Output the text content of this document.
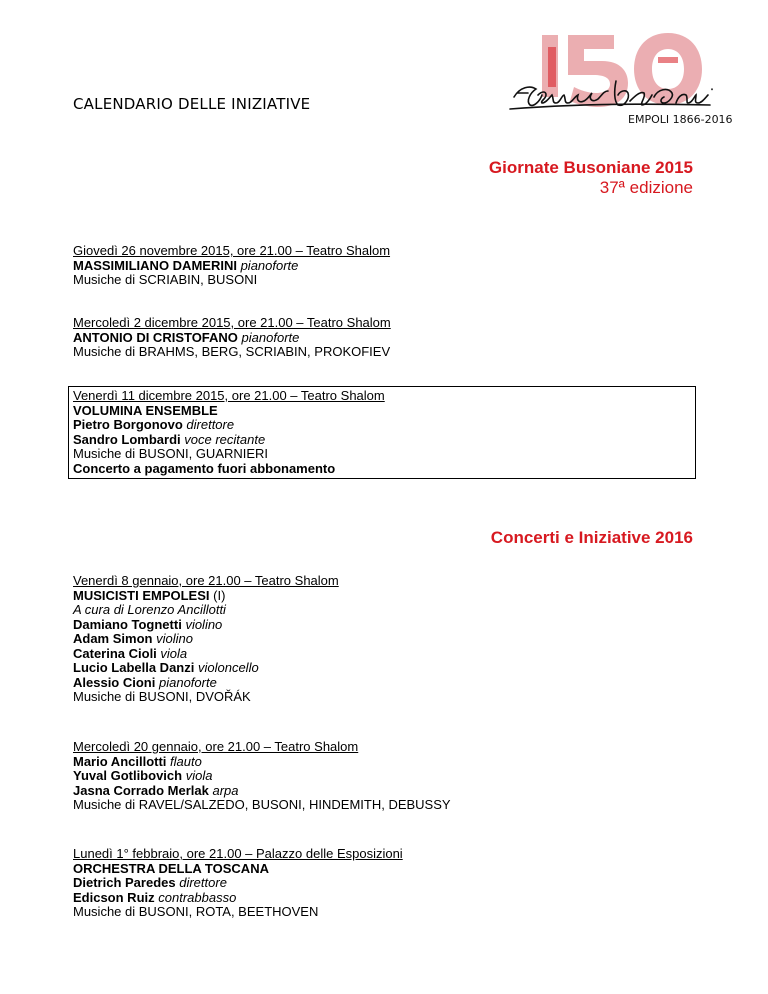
CALENDARIO DELLE INIZIATIVE
EMPOLI 1866-2016
Giornate Busoniane 2015
37ª edizione
Giovedì 26 novembre 2015, ore 21.00 – Teatro Shalom
MASSIMILIANO DAMERINI pianoforte
Musiche di SCRIABIN, BUSONI
Mercoledì 2 dicembre 2015, ore 21.00 – Teatro Shalom
ANTONIO DI CRISTOFANO pianoforte
Musiche di BRAHMS, BERG, SCRIABIN, PROKOFIEV
Venerdì 11 dicembre 2015, ore 21.00 – Teatro Shalom
VOLUMINA ENSEMBLE
Pietro Borgonovo direttore
Sandro Lombardi voce recitante
Musiche di BUSONI, GUARNIERI
Concerto a pagamento fuori abbonamento
Concerti e Iniziative 2016
Venerdì 8 gennaio, ore 21.00 – Teatro Shalom
MUSICISTI EMPOLESI (I)
A cura di Lorenzo Ancillotti
Damiano Tognetti violino
Adam Simon violino
Caterina Cioli viola
Lucio Labella Danzi violoncello
Alessio Cioni pianoforte
Musiche di BUSONI, DVOŘÁK
Mercoledì 20 gennaio, ore 21.00 – Teatro Shalom
Mario Ancillotti flauto
Yuval Gotlibovich viola
Jasna Corrado Merlak arpa
Musiche di RAVEL/SALZEDO, BUSONI, HINDEMITH, DEBUSSY
Lunedì 1° febbraio, ore 21.00 – Palazzo delle Esposizioni
ORCHESTRA DELLA TOSCANA
Dietrich Paredes direttore
Edicson Ruiz contrabbasso
Musiche di BUSONI, ROTA, BEETHOVEN
